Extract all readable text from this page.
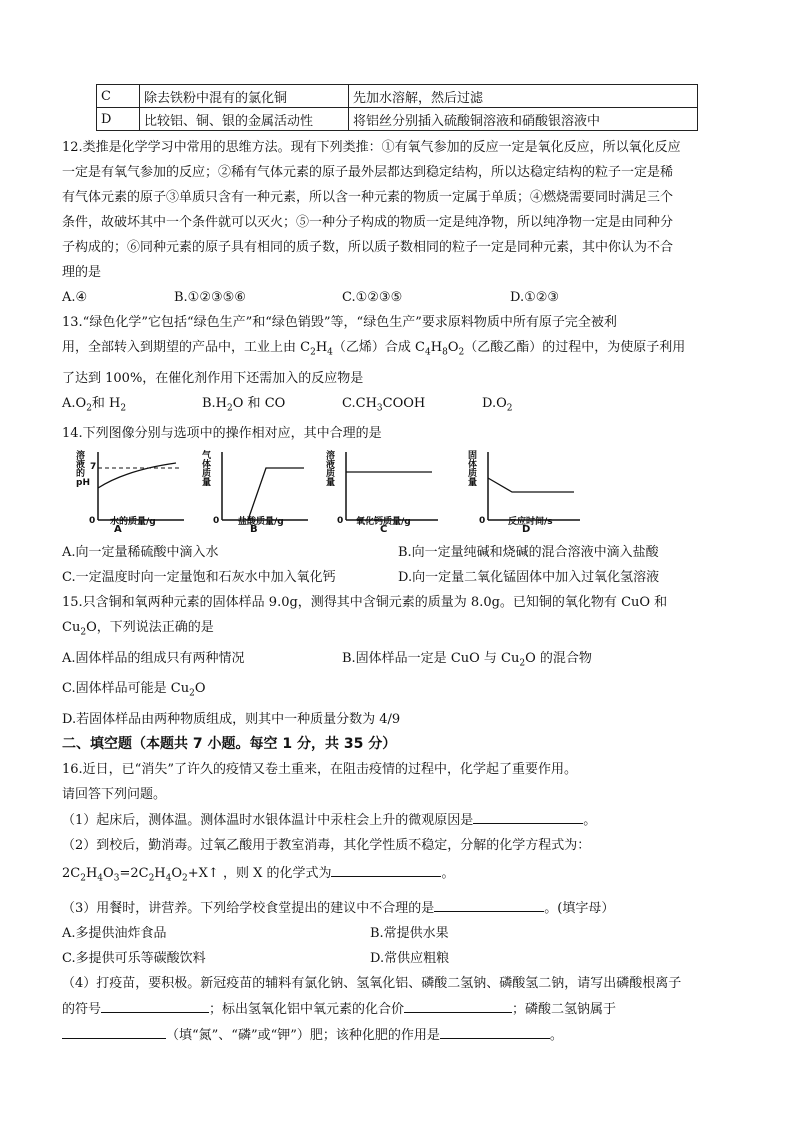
C	除去铁粉中混有的氯化铜	先加水溶解，然后过滤
D	比较铝、铜、银的金属活动性	将铝丝分别插入硫酸铜溶液和硝酸银溶液中

12.类推是化学学习中常用的思维方法。现有下列类推：①有氧气参加的反应一定是氧化反应，所以氧化反应

一定是有氧气参加的反应；②稀有气体元素的原子最外层都达到稳定结构，所以达稳定结构的粒子一定是稀

有气体元素的原子③单质只含有一种元素，所以含一种元素的物质一定属于单质；④燃烧需要同时满足三个

条件，故破坏其中一个条件就可以灭火；⑤一种分子构成的物质一定是纯净物，所以纯净物一定是由同种分

子构成的；⑥同种元素的原子具有相同的质子数，所以质子数相同的粒子一定是同种元素，其中你认为不合

理的是

A.④	B.①②③⑤⑥	C.①②③⑤	D.①②③

13.“绿色化学”它包括“绿色生产”和“绿色销毁”等，“绿色生产”要求原料物质中所有原子完全被利

用，全部转入到期望的产品中，工业上由 $C_2H_4$（乙烯）合成 $C_4H_8O_2$（乙酸乙酯）的过程中，为使原子利用

了达到 100%，在催化剂作用下还需加入的反应物是

$A.O_2$和 $H_2$	$B.H_2O$ 和 CO	$C.CH_3COOH$	$D.O_2$

14.下列图像分别与选项中的操作相对应，其中合理的是

溶液的pH
7
0 水的质量/g
A
气体质量
0 盐酸质量/g
B
溶液质量
0 氧化钙质量/g
C
固体质量
0	反应时间/s
D
A.向一定量稀硫酸中滴入水	B.向一定量纯碱和烧碱的混合溶液中滴入盐酸
C.一定温度时向一定量饱和石灰水中加入氧化钙	D.向一定量二氧化锰固体中加入过氧化氢溶液

15.只含铜和氧两种元素的固体样品 9.0g，测得其中含铜元素的质量为 8.0g。已知铜的氧化物有 CuO 和

$Cu_2O$，下列说法正确的是

A.固体样品的组成只有两种情况	B.固体样品一定是 CuO 与 $Cu_2O$ 的混合物

C.固体样品可能是 $Cu_2O$

D.若固体样品由两种物质组成，则其中一种质量分数为 4/9

二、填空题（本题共 7 小题。每空 1 分，共 35 分）

16.近日，已“消失”了许久的疫情又卷土重来，在阻击疫情的过程中，化学起了重要作用。

请回答下列问题。

（1）起床后，测体温。测体温时水银体温计中汞柱会上升的微观原因是	。

（2）到校后，勤消毒。过氧乙酸用于教室消毒，其化学性质不稳定，分解的化学方程式为：

$2C_2H_4O_3=2C_2H_4O_2+X↑$ ，则 X 的化学式为	。

（3）用餐时，讲营养。下列给学校食堂提出的建议中不合理的是	。(填字母）

A.多提供油炸食品	B.常提供水果
C.多提供可乐等碳酸饮料	D.常供应粗粮

（4）打疫苗，要积极。新冠疫苗的辅料有氯化钠、氢氧化铝、磷酸二氢钠、磷酸氢二钠，请写出磷酸根离子

的符号	；标出氢氧化铝中氧元素的化合价	；磷酸二氢钠属于

（填“氮”、“磷”或“钾”）肥；该种化肥的作用是	。
